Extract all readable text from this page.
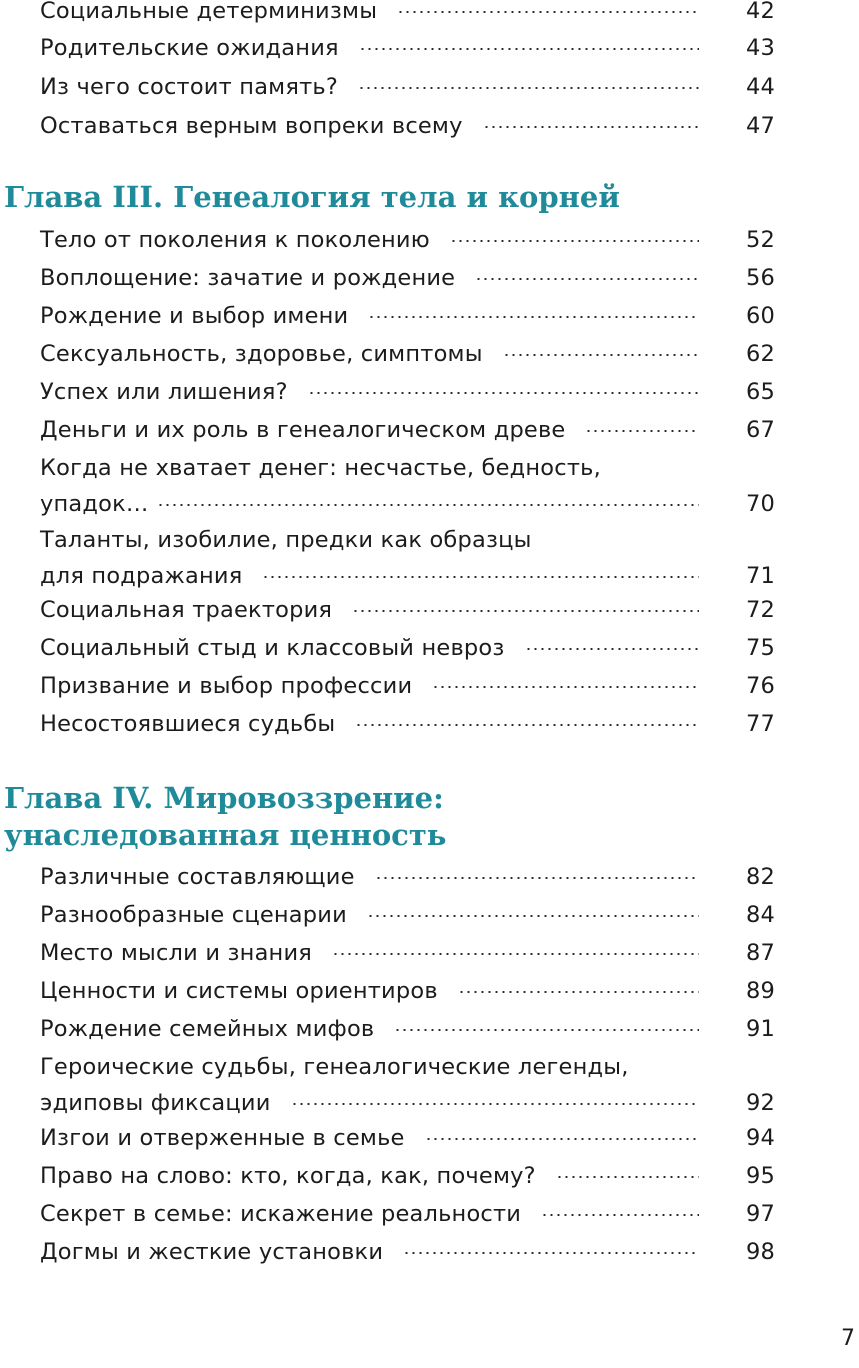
Социальные детерминизмы	42
Родительские ожидания	43
Из чего состоит память?	44
Оставаться верным вопреки всему	47
Глава III. Генеалогия тела и корней
Тело от поколения к поколению	52
Воплощение: зачатие и рождение	56
Рождение и выбор имени	60
Сексуальность, здоровье, симптомы	62
Успех или лишения?	65
Деньги и их роль в генеалогическом древе	67
Когда не хватает денег: несчастье, бедность,
упадок…	70
Таланты, изобилие, предки как образцы
для подражания	71
Социальная траектория	72
Социальный стыд и классовый невроз	75
Призвание и выбор профессии	76
Несостоявшиеся судьбы	77
Глава IV. Мировоззрение:
унаследованная ценность
Различные составляющие	82
Разнообразные сценарии	84
Место мысли и знания	87
Ценности и системы ориентиров	89
Рождение семейных мифов	91
Героические судьбы, генеалогические легенды,
эдиповы фиксации	92
Изгои и отверженные в семье	94
Право на слово: кто, когда, как, почему?	95
Секрет в семье: искажение реальности	97
Догмы и жесткие установки	98
7
